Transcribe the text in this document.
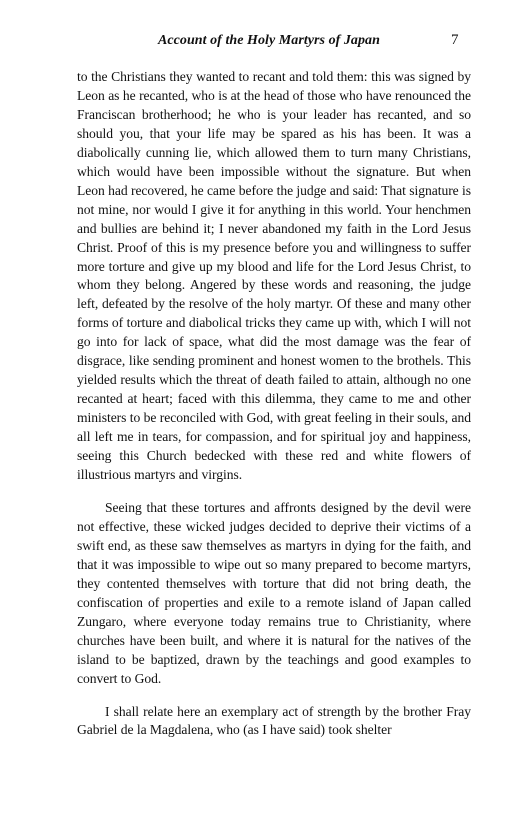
Account of the Holy Martyrs of Japan	7

to the Christians they wanted to recant and told them: this was signed by Leon as he recanted, who is at the head of those who have renounced the Franciscan brotherhood; he who is your leader has recanted, and so should you, that your life may be spared as his has been. It was a diabolically cunning lie, which allowed them to turn many Christians, which would have been impossible without the signature. But when Leon had recovered, he came before the judge and said: That signature is not mine, nor would I give it for anything in this world. Your henchmen and bullies are behind it; I never abandoned my faith in the Lord Jesus Christ. Proof of this is my presence before you and willingness to suffer more torture and give up my blood and life for the Lord Jesus Christ, to whom they belong. Angered by these words and reasoning, the judge left, defeated by the resolve of the holy martyr. Of these and many other forms of torture and diabolical tricks they came up with, which I will not go into for lack of space, what did the most damage was the fear of disgrace, like sending prominent and honest women to the brothels. This yielded results which the threat of death failed to attain, although no one recanted at heart; faced with this dilemma, they came to me and other ministers to be reconciled with God, with great feeling in their souls, and all left me in tears, for compassion, and for spiritual joy and happiness, seeing this Church bedecked with these red and white flowers of illustrious martyrs and virgins.

Seeing that these tortures and affronts designed by the devil were not effective, these wicked judges decided to deprive their victims of a swift end, as these saw themselves as martyrs in dying for the faith, and that it was impossible to wipe out so many prepared to become martyrs, they contented themselves with torture that did not bring death, the confiscation of properties and exile to a remote island of Japan called Zungaro, where everyone today remains true to Christianity, where churches have been built, and where it is natural for the natives of the island to be baptized, drawn by the teachings and good examples to convert to God.

I shall relate here an exemplary act of strength by the brother Fray Gabriel de la Magdalena, who (as I have said) took shelter
